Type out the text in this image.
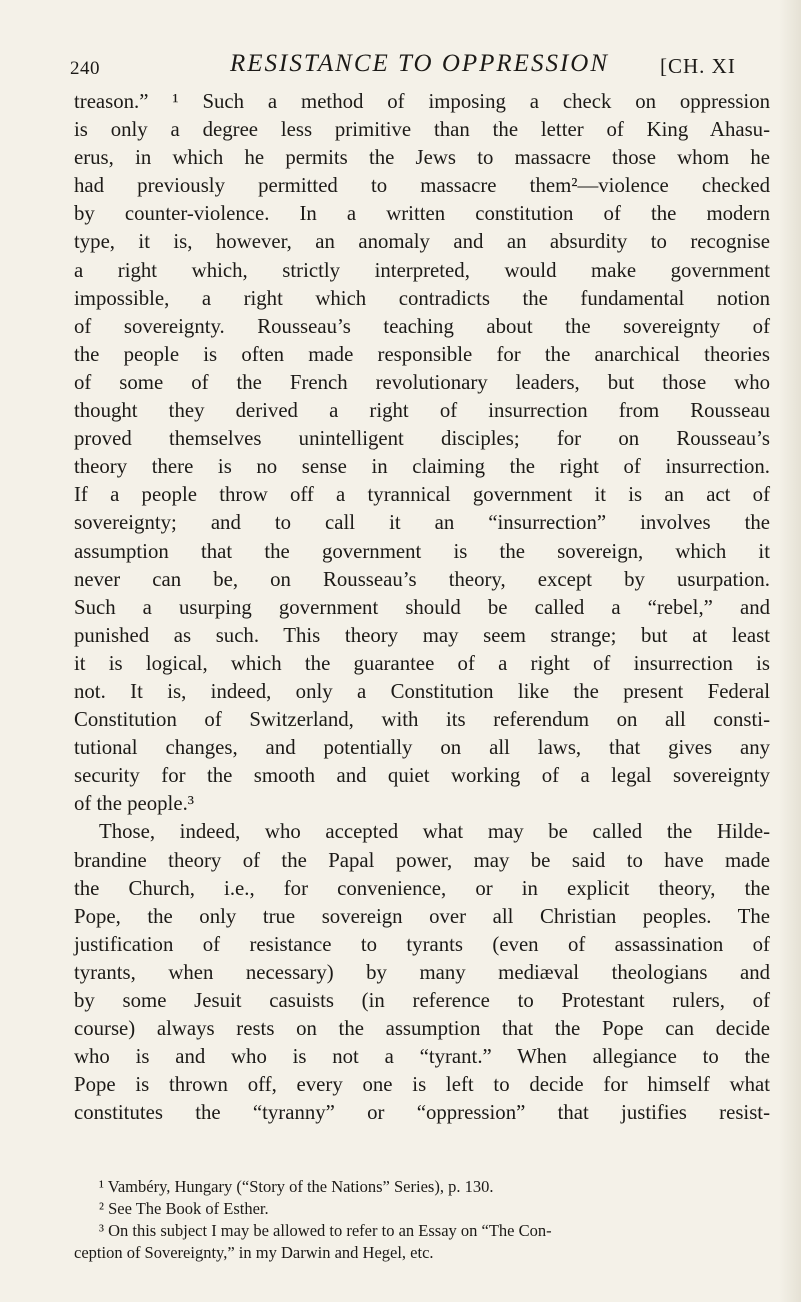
240	RESISTANCE TO OPPRESSION [CH. XI
treason.” ¹ Such a method of imposing a check on oppression
is only a degree less primitive than the letter of King Ahasu-
erus, in which he permits the Jews to massacre those whom he
had previously permitted to massacre them²—violence checked
by counter-violence. In a written constitution of the modern
type, it is, however, an anomaly and an absurdity to recognise
a right which, strictly interpreted, would make government
impossible, a right which contradicts the fundamental notion
of sovereignty. Rousseau’s teaching about the sovereignty of
the people is often made responsible for the anarchical theories
of some of the French revolutionary leaders, but those who
thought they derived a right of insurrection from Rousseau
proved themselves unintelligent disciples; for on Rousseau’s
theory there is no sense in claiming the right of insurrection.
If a people throw off a tyrannical government it is an act of
sovereignty; and to call it an “insurrection” involves the
assumption that the government is the sovereign, which it
never can be, on Rousseau’s theory, except by usurpation.
Such a usurping government should be called a “rebel,” and
punished as such. This theory may seem strange; but at least
it is logical, which the guarantee of a right of insurrection is
not. It is, indeed, only a Constitution like the present Federal
Constitution of Switzerland, with its referendum on all consti-
tutional changes, and potentially on all laws, that gives any
security for the smooth and quiet working of a legal sovereignty
of the people.³
Those, indeed, who accepted what may be called the Hilde-
brandine theory of the Papal power, may be said to have made
the Church, i.e., for convenience, or in explicit theory, the
Pope, the only true sovereign over all Christian peoples. The
justification of resistance to tyrants (even of assassination of
tyrants, when necessary) by many mediæval theologians and
by some Jesuit casuists (in reference to Protestant rulers, of
course) always rests on the assumption that the Pope can decide
who is and who is not a “tyrant.” When allegiance to the
Pope is thrown off, every one is left to decide for himself what
constitutes the “tyranny” or “oppression” that justifies resist-
¹ Vambéry, Hungary (“Story of the Nations” Series), p. 130.
² See The Book of Esther.
³ On this subject I may be allowed to refer to an Essay on “The Con-
ception of Sovereignty,” in my Darwin and Hegel, etc.
